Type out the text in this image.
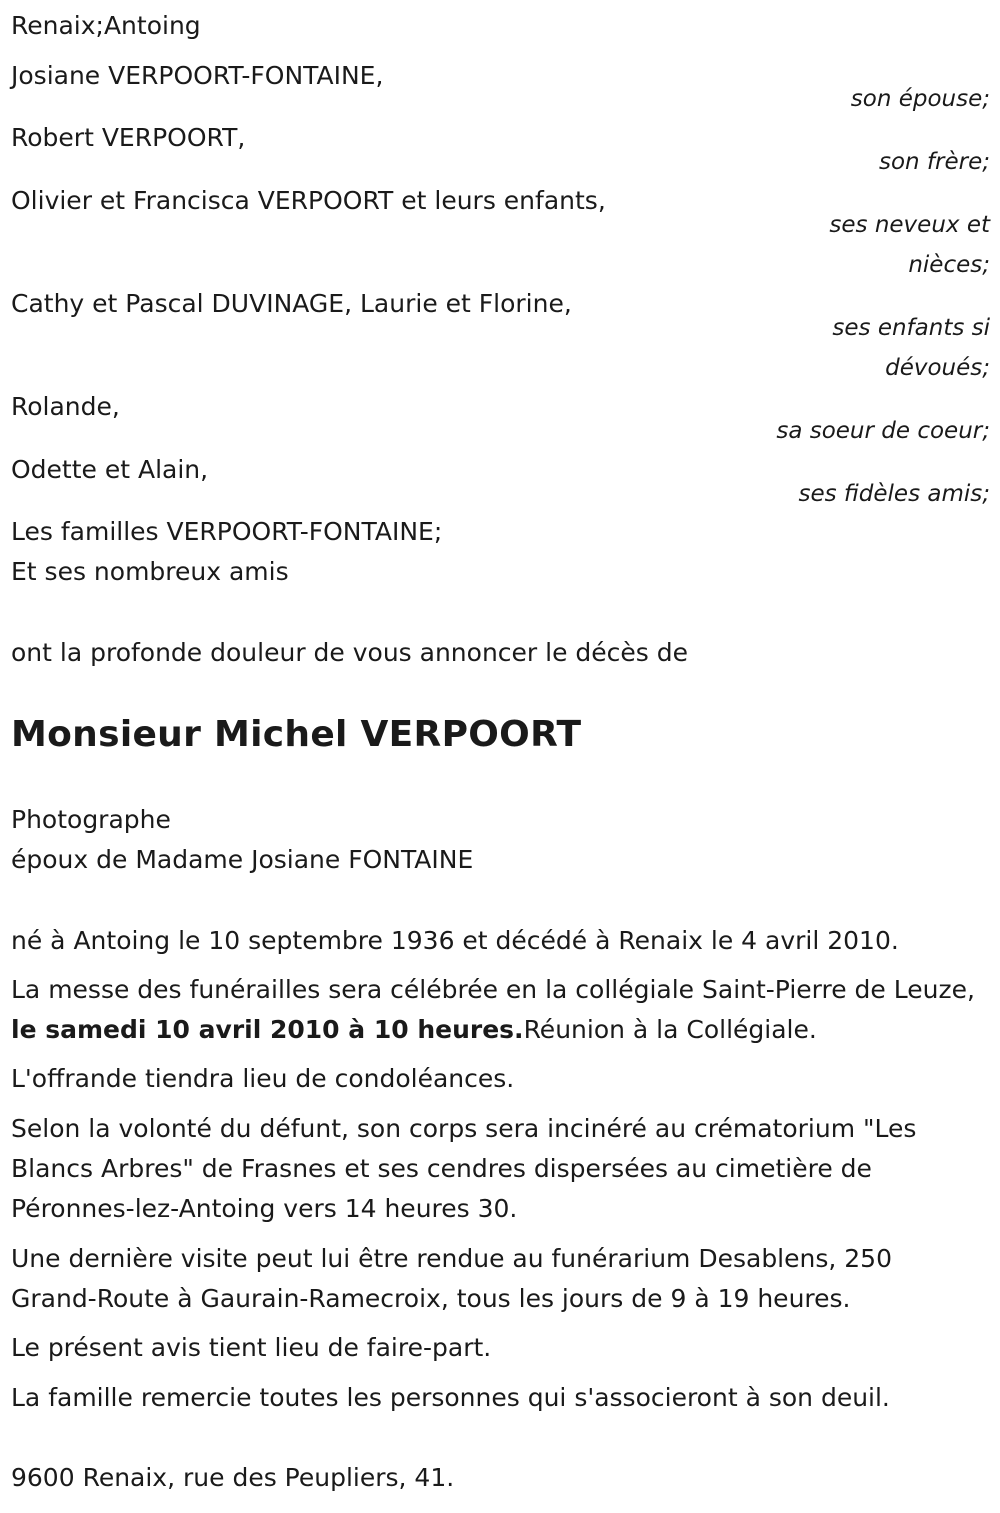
Renaix;Antoing
Josiane VERPOORT-FONTAINE,
son épouse;
Robert VERPOORT,
son frère;
Olivier et Francisca VERPOORT et leurs enfants,
ses neveux et nièces;
Cathy et Pascal DUVINAGE, Laurie et Florine,
ses enfants si dévoués;
Rolande,
sa soeur de coeur;
Odette et Alain,
ses fidèles amis;
Les familles VERPOORT-FONTAINE;
Et ses nombreux amis
ont la profonde douleur de vous annoncer le décès de
Monsieur Michel VERPOORT
Photographe
époux de Madame Josiane FONTAINE
né à Antoing le 10 septembre 1936 et décédé à Renaix le 4 avril 2010.
La messe des funérailles sera célébrée en la collégiale Saint-Pierre de Leuze, le samedi 10 avril 2010 à 10 heures.Réunion à la Collégiale.
L'offrande tiendra lieu de condoléances.
Selon la volonté du défunt, son corps sera incinéré au crématorium "Les Blancs Arbres" de Frasnes et ses cendres dispersées au cimetière de Péronnes-lez-Antoing vers 14 heures 30.
Une dernière visite peut lui être rendue au funérarium Desablens, 250 Grand-Route à Gaurain-Ramecroix, tous les jours de 9 à 19 heures.
Le présent avis tient lieu de faire-part.
La famille remercie toutes les personnes qui s'associeront à son deuil.
9600 Renaix, rue des Peupliers, 41.
